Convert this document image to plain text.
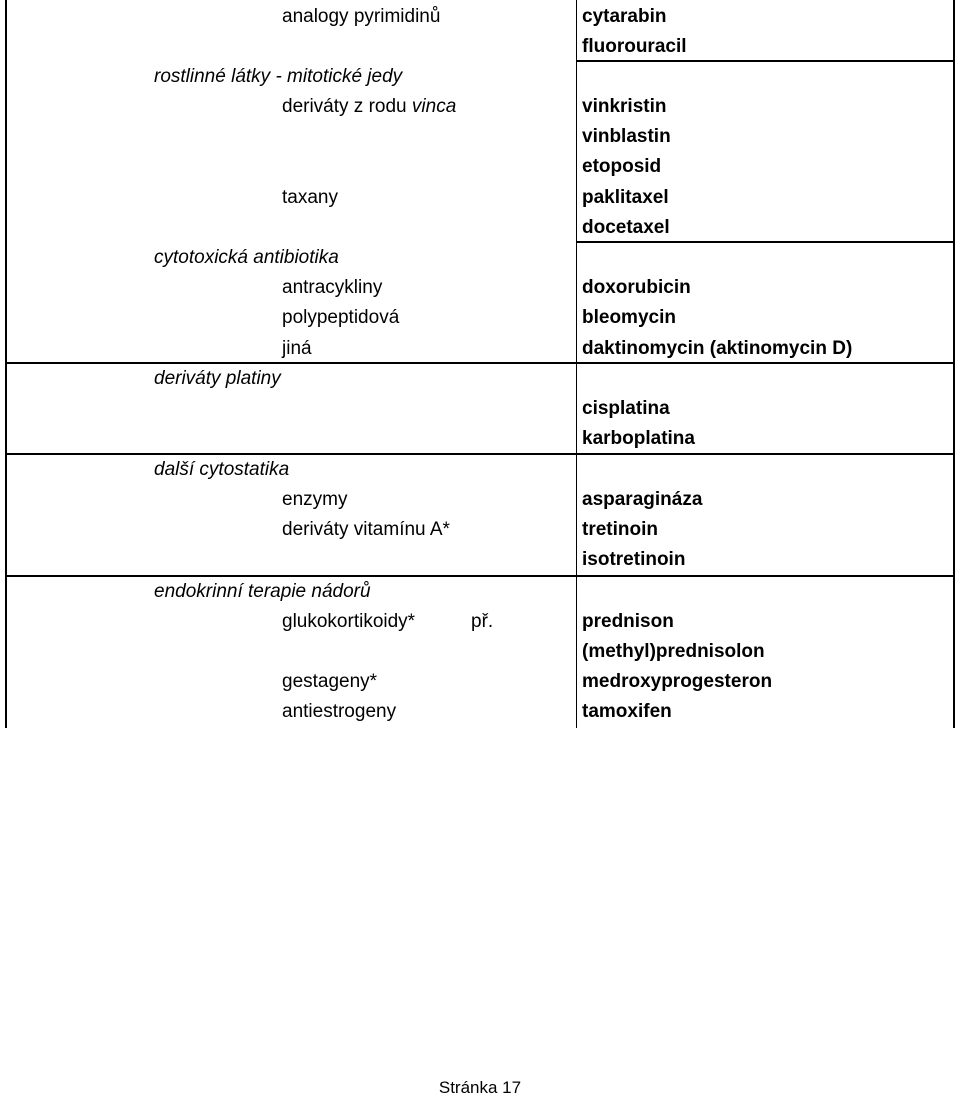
analogy pyrimidinů	cytarabin
fluorouracil
rostlinné látky - mitotické jedy
deriváty z rodu vinca	vinkristin
vinblastin
etoposid
taxany	paklitaxel
docetaxel
cytotoxická antibiotika
antracykliny	doxorubicin
polypeptidová	bleomycin
jiná	daktinomycin (aktinomycin D)
deriváty platiny
cisplatina
karboplatina
další cytostatika
enzymy	asparagináza
deriváty vitamínu A*	tretinoin
isotretinoin
endokrinní terapie nádorů
glukokortikoidy*	př.	prednison
(methyl)prednisolon
gestageny*	medroxyprogesteron
antiestrogeny	tamoxifen
Stránka 17
